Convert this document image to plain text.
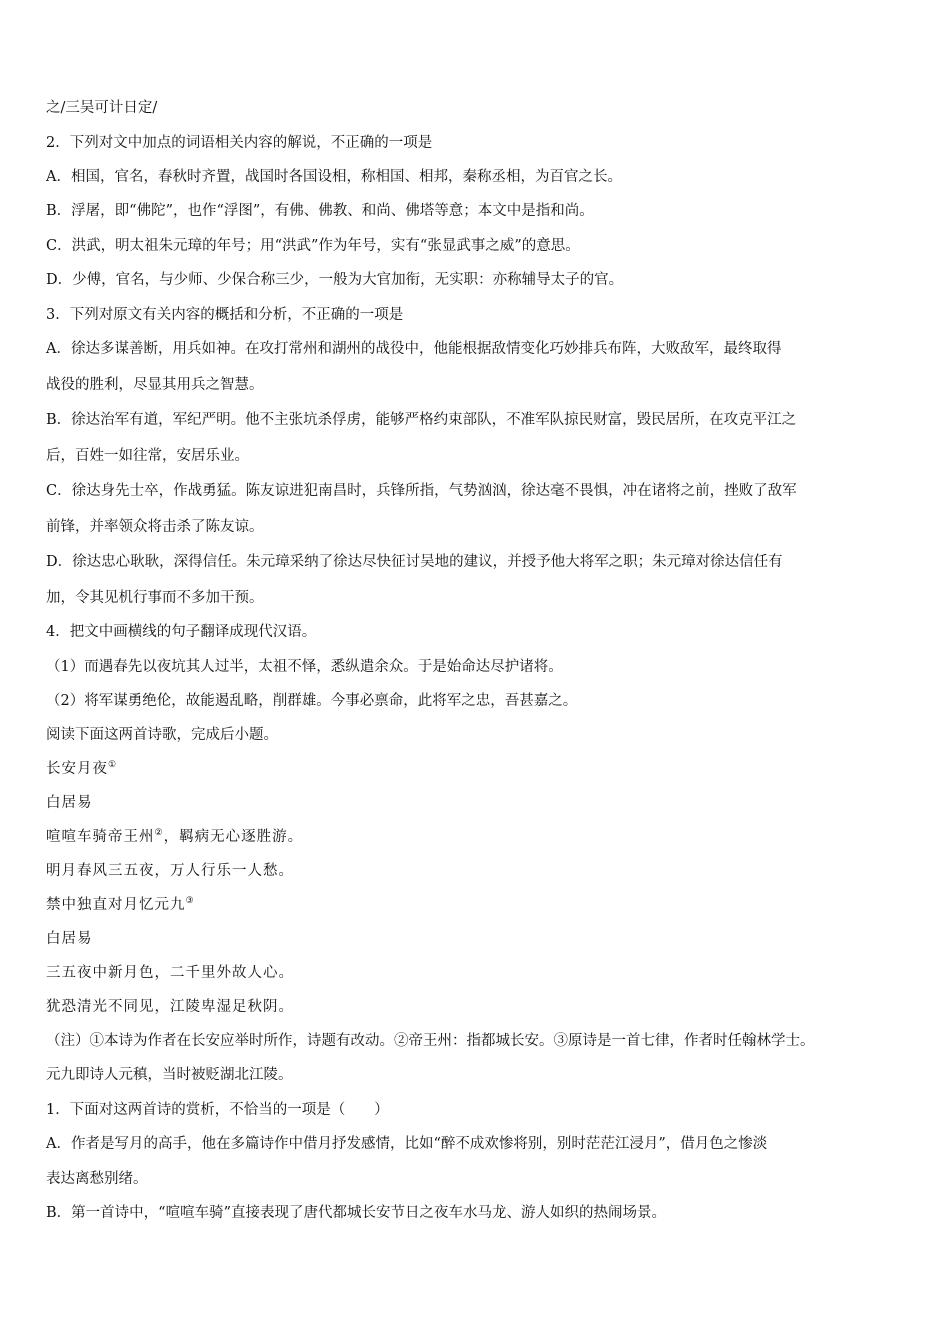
之/三吴可计日定/
2．下列对文中加点的词语相关内容的解说，不正确的一项是
A．相国，官名，春秋时齐置，战国时各国设相，称相国、相邦，秦称丞相，为百官之长。
B．浮屠，即“佛陀”，也作“浮图”，有佛、佛教、和尚、佛塔等意；本文中是指和尚。
C．洪武，明太祖朱元璋的年号；用“洪武”作为年号，实有“张显武事之威”的意思。
D．少傅，官名，与少师、少保合称三少，一般为大官加衔，无实职：亦称辅导太子的官。
3．下列对原文有关内容的概括和分析，不正确的一项是
A．徐达多谋善断，用兵如神。在攻打常州和湖州的战役中，他能根据敌情变化巧妙排兵布阵，大败敌军，最终取得
战役的胜利，尽显其用兵之智慧。
B．徐达治军有道，军纪严明。他不主张坑杀俘虏，能够严格约束部队，不准军队掠民财富，毁民居所，在攻克平江之
后，百姓一如往常，安居乐业。
C．徐达身先士卒，作战勇猛。陈友谅进犯南昌时，兵锋所指，气势汹汹，徐达毫不畏惧，冲在诸将之前，挫败了敌军
前锋，并率领众将击杀了陈友谅。
D．徐达忠心耿耿，深得信任。朱元璋采纳了徐达尽快征讨吴地的建议，并授予他大将军之职；朱元璋对徐达信任有
加，令其见机行事而不多加干预。
4．把文中画横线的句子翻译成现代汉语。
（1）而遇春先以夜坑其人过半，太祖不怿，悉纵遣余众。于是始命达尽护诸将。
（2）将军谋勇绝伦，故能遏乱略，削群雄。今事必禀命，此将军之忠，吾甚嘉之。
阅读下面这两首诗歌，完成后小题。
长安月夜①
白居易
喧喧车骑帝王州②，羁病无心逐胜游。
明月春风三五夜，万人行乐一人愁。
禁中独直对月忆元九③
白居易
三五夜中新月色，二千里外故人心。
犹恐清光不同见，江陵卑湿足秋阴。
（注）①本诗为作者在长安应举时所作，诗题有改动。②帝王州：指都城长安。③原诗是一首七律，作者时任翰林学士。
元九即诗人元稹，当时被贬湖北江陵。
1．下面对这两首诗的赏析，不恰当的一项是（　　）
A．作者是写月的高手，他在多篇诗作中借月抒发感情，比如“醉不成欢惨将别，别时茫茫江浸月”，借月色之惨淡
表达离愁别绪。
B．第一首诗中，“喧喧车骑”直接表现了唐代都城长安节日之夜车水马龙、游人如织的热闹场景。
